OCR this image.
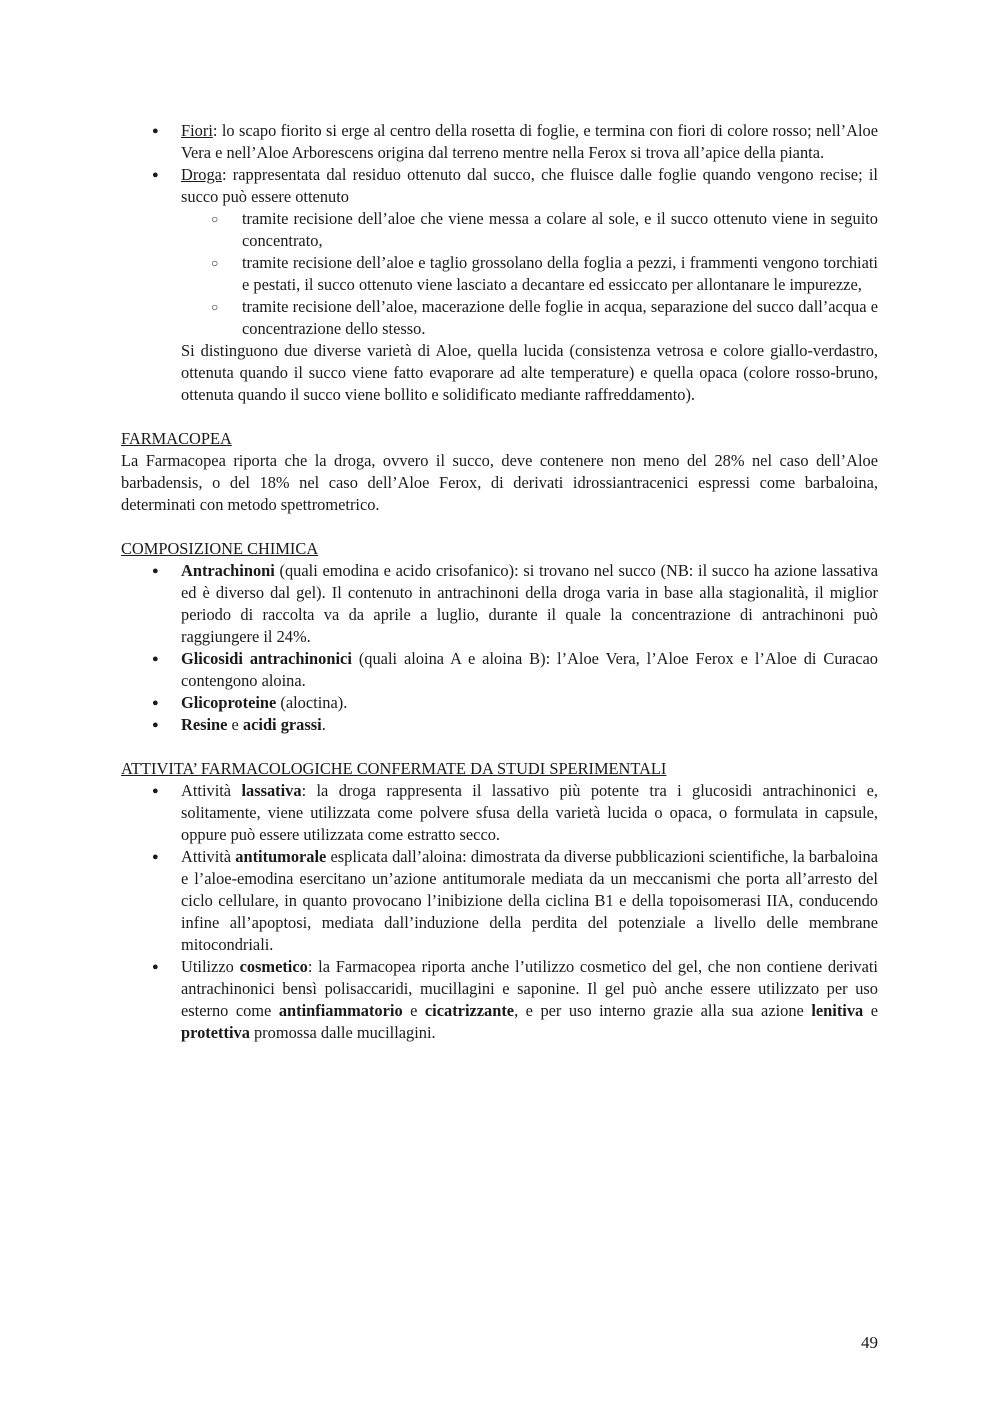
● Fiori: lo scapo fiorito si erge al centro della rosetta di foglie, e termina con fiori di colore rosso; nell’Aloe Vera e nell’Aloe Arborescens origina dal terreno mentre nella Ferox si trova all’apice della pianta.
● Droga: rappresentata dal residuo ottenuto dal succo, che fluisce dalle foglie quando vengono recise; il succo può essere ottenuto
○ tramite recisione dell’aloe che viene messa a colare al sole, e il succo ottenuto viene in seguito concentrato,
○ tramite recisione dell’aloe e taglio grossolano della foglia a pezzi, i frammenti vengono torchiati e pestati, il succo ottenuto viene lasciato a decantare ed essiccato per allontanare le impurezze,
○ tramite recisione dell’aloe, macerazione delle foglie in acqua, separazione del succo dall’acqua e concentrazione dello stesso.
Si distinguono due diverse varietà di Aloe, quella lucida (consistenza vetrosa e colore giallo-verdastro, ottenuta quando il succo viene fatto evaporare ad alte temperature) e quella opaca (colore rosso-bruno, ottenuta quando il succo viene bollito e solidificato mediante raffreddamento).
FARMACOPEA
La Farmacopea riporta che la droga, ovvero il succo, deve contenere non meno del 28% nel caso dell’Aloe barbadensis, o del 18% nel caso dell’Aloe Ferox, di derivati idrossiantracenici espressi come barbaloina, determinati con metodo spettrometrico.
COMPOSIZIONE CHIMICA
● Antrachinoni (quali emodina e acido crisofanico): si trovano nel succo (NB: il succo ha azione lassativa ed è diverso dal gel). Il contenuto in antrachinoni della droga varia in base alla stagionalità, il miglior periodo di raccolta va da aprile a luglio, durante il quale la concentrazione di antrachinoni può raggiungere il 24%.
● Glicosidi antrachinonici (quali aloina A e aloina B): l’Aloe Vera, l’Aloe Ferox e l’Aloe di Curacao contengono aloina.
● Glicoproteine (aloctina).
● Resine e acidi grassi.
ATTIVITA’ FARMACOLOGICHE CONFERMATE DA STUDI SPERIMENTALI
● Attività lassativa: la droga rappresenta il lassativo più potente tra i glucosidi antrachinonici e, solitamente, viene utilizzata come polvere sfusa della varietà lucida o opaca, o formulata in capsule, oppure può essere utilizzata come estratto secco.
● Attività antitumorale esplicata dall’aloina: dimostrata da diverse pubblicazioni scientifiche, la barbaloina e l’aloe-emodina esercitano un’azione antitumorale mediata da un meccanismi che porta all’arresto del ciclo cellulare, in quanto provocano l’inibizione della ciclina B1 e della topoisomerasi IIA, conducendo infine all’apoptosi, mediata dall’induzione della perdita del potenziale a livello delle membrane mitocondriali.
● Utilizzo cosmetico: la Farmacopea riporta anche l’utilizzo cosmetico del gel, che non contiene derivati antrachinonici bensì polisaccaridi, mucillagini e saponine. Il gel può anche essere utilizzato per uso esterno come antinfiammatorio e cicatrizzante, e per uso interno grazie alla sua azione lenitiva e protettiva promossa dalle mucillagini.
49
